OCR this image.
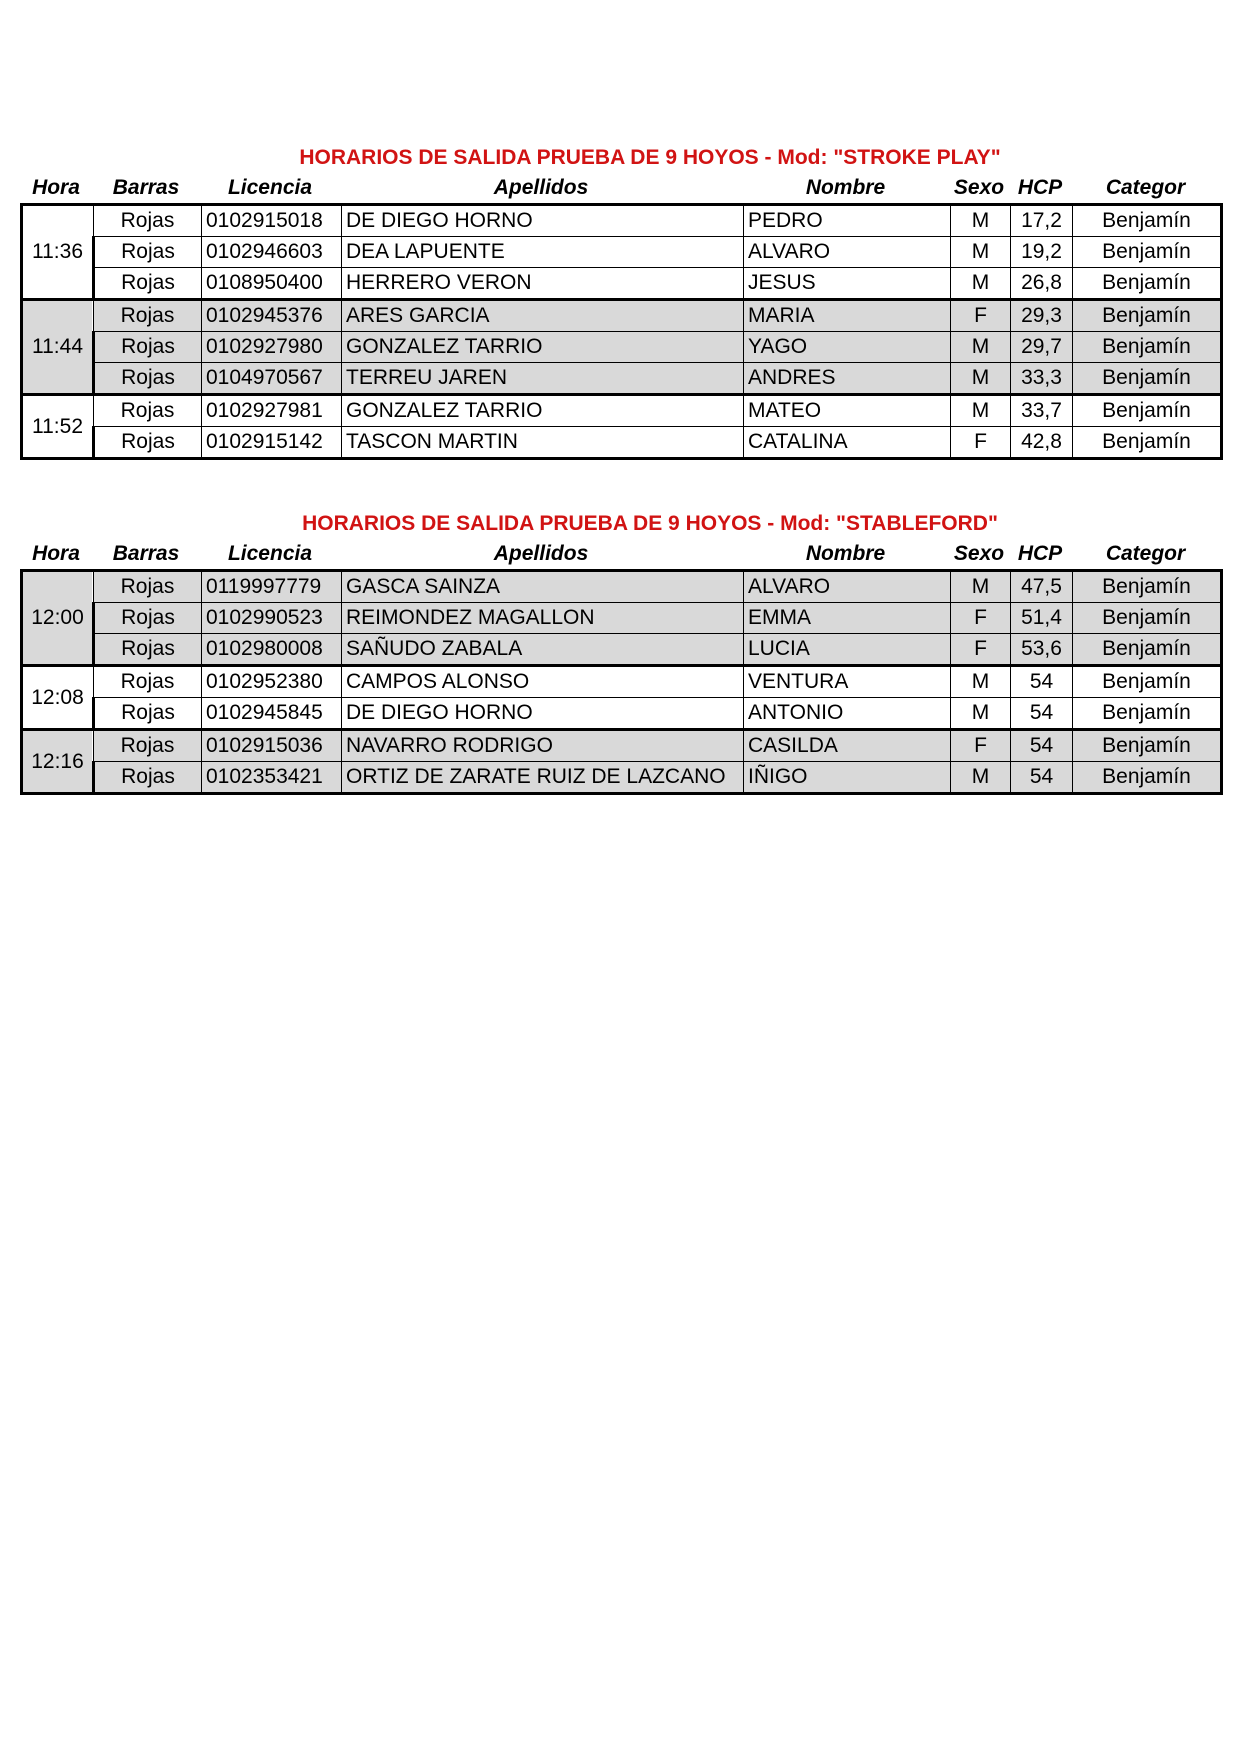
HORARIOS DE SALIDA PRUEBA DE 9 HOYOS - Mod: "STROKE PLAY"
Hora	Barras	Licencia	Apellidos	Nombre	Sexo HCP	Categor
11:36	Rojas	0102915018	DE DIEGO HORNO	PEDRO	M	17,2	Benjamín
	Rojas	0102946603	DEA LAPUENTE	ALVARO	M	19,2	Benjamín
	Rojas	0108950400	HERRERO VERON	JESUS	M	26,8	Benjamín
11:44	Rojas	0102945376	ARES GARCIA	MARIA	F	29,3	Benjamín
	Rojas	0102927980	GONZALEZ TARRIO	YAGO	M	29,7	Benjamín
	Rojas	0104970567	TERREU JAREN	ANDRES	M	33,3	Benjamín
11:52	Rojas	0102927981	GONZALEZ TARRIO	MATEO	M	33,7	Benjamín
	Rojas	0102915142	TASCON MARTIN	CATALINA	F	42,8	Benjamín
HORARIOS DE SALIDA PRUEBA DE 9 HOYOS - Mod: "STABLEFORD"
Hora	Barras	Licencia	Apellidos	Nombre	Sexo HCP	Categor
12:00	Rojas	0119997779	GASCA SAINZA	ALVARO	M	47,5	Benjamín
	Rojas	0102990523	REIMONDEZ MAGALLON	EMMA	F	51,4	Benjamín
	Rojas	0102980008	SAÑUDO ZABALA	LUCIA	F	53,6	Benjamín
12:08	Rojas	0102952380	CAMPOS ALONSO	VENTURA	M	54	Benjamín
	Rojas	0102945845	DE DIEGO HORNO	ANTONIO	M	54	Benjamín
12:16	Rojas	0102915036	NAVARRO RODRIGO	CASILDA	F	54	Benjamín
	Rojas	0102353421	ORTIZ DE ZARATE RUIZ DE LAZCANO	IÑIGO	M	54	Benjamín
